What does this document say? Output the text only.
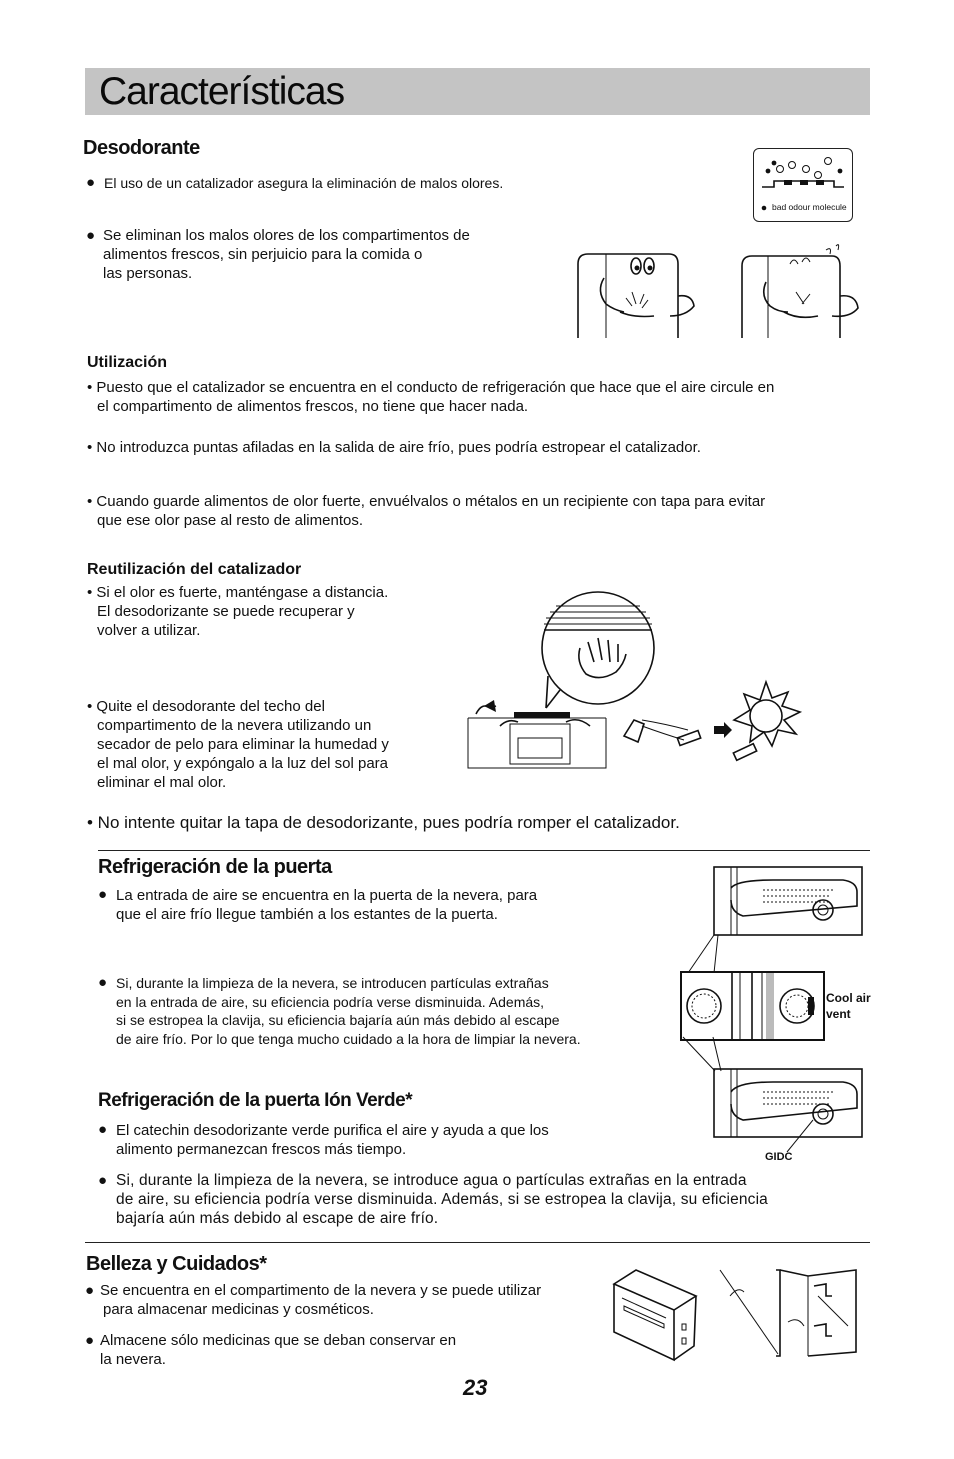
Características
Desodorante
● El uso de un catalizador asegura la eliminación de malos olores.
● Se eliminan los malos olores de los compartimentos de
alimentos frescos, sin perjuicio para la comida o
las personas.
bad odour molecule
Utilización
• Puesto que el catalizador se encuentra en el conducto de refrigeración que hace que el aire circule en
el compartimento de alimentos frescos, no tiene que hacer nada.
• No introduzca puntas afiladas en la salida de aire frío, pues podría estropear el catalizador.
• Cuando guarde alimentos de olor fuerte, envuélvalos o métalos en un recipiente con tapa para evitar
que ese olor pase al resto de alimentos.
Reutilización del catalizador
• Si el olor es fuerte, manténgase a distancia.
El desodorizante se puede recuperar y
volver a utilizar.
• Quite el desodorante del techo del
compartimento de la nevera utilizando un
secador de pelo para eliminar la humedad y
el mal olor, y expóngalo a la luz del sol para
eliminar el mal olor.
• No intente quitar la tapa de desodorizante, pues podría romper el catalizador.
Refrigeración de la puerta
● La entrada de aire se encuentra en la puerta de la nevera, para
que el aire frío llegue también a los estantes de la puerta.
● Si, durante la limpieza de la nevera, se introducen partículas extrañas
en la entrada de aire, su eficiencia podría verse disminuida. Además,
si se estropea la clavija, su eficiencia bajaría aún más debido al escape
de aire frío. Por lo que tenga mucho cuidado a la hora de limpiar la nevera.
Cool air
vent
Refrigeración de la puerta Ión Verde*
● El catechin desodorizante verde purifica el aire y ayuda a que los
alimento permanezcan frescos más tiempo.	GIDC
● Si, durante la limpieza de la nevera, se introduce agua o partículas extrañas en la entrada
de aire, su eficiencia podría verse disminuida. Además, si se estropea la clavija, su eficiencia
bajaría aún más debido al escape de aire frío.
Belleza y Cuidados*
● Se encuentra en el compartimento de la nevera y se puede utilizar
para almacenar medicinas y cosméticos.
● Almacene sólo medicinas que se deban conservar en
la nevera.
23
